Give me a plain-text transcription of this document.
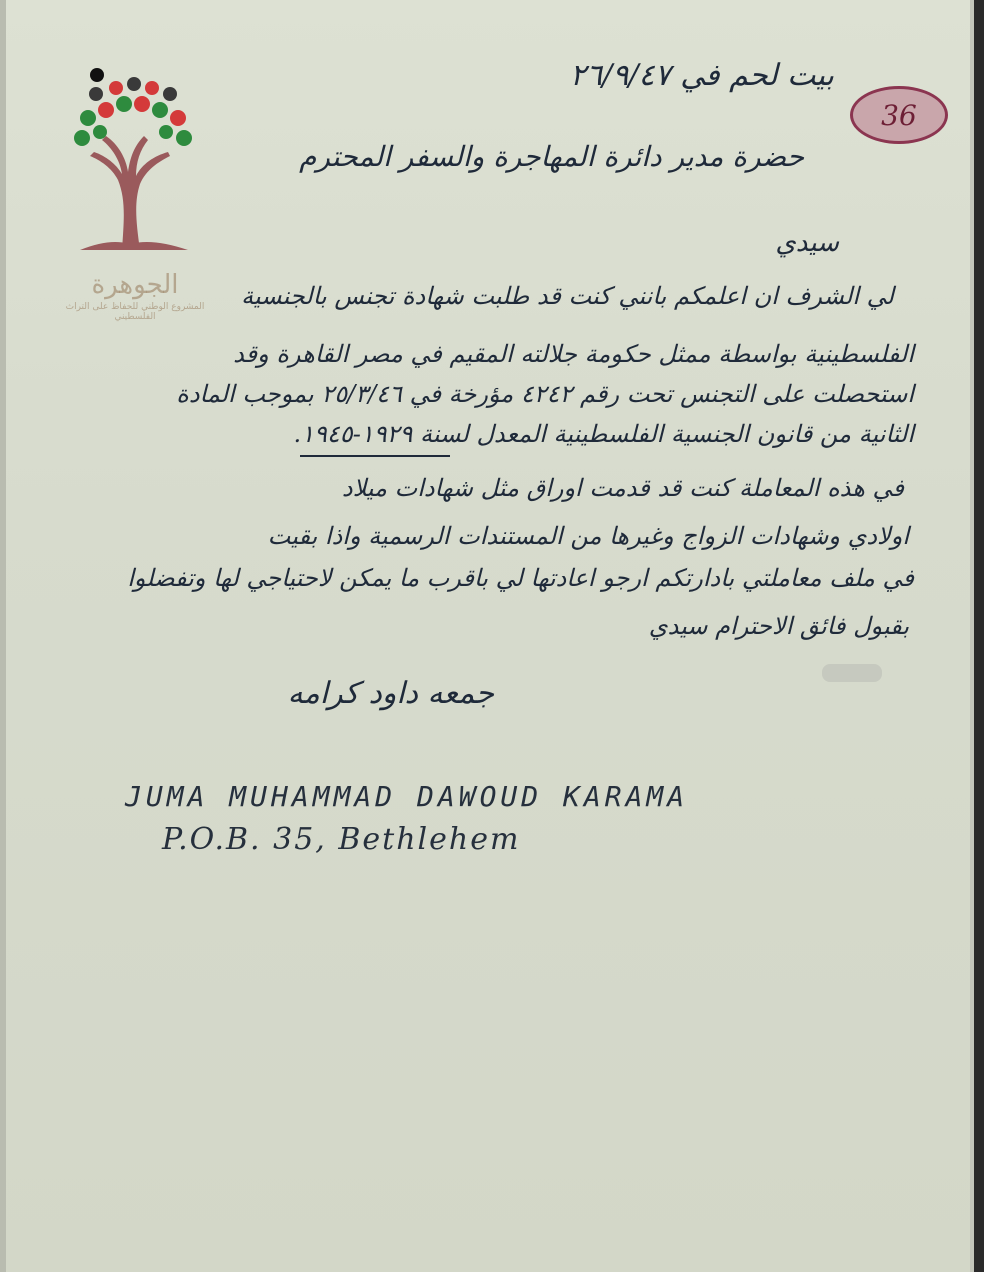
الجوهرة
المشروع الوطني للحفاظ على التراث الفلسطيني
36
بيت لحم في ٢٦/٩/٤٧
حضرة مدير دائرة المهاجرة والسفر المحترم
سيدي
لي الشرف ان اعلمكم بانني كنت قد طلبت شهادة تجنس بالجنسية
الفلسطينية بواسطة ممثل حكومة جلالته المقيم في مصر القاهرة وقد
استحصلت على التجنس تحت رقم ٤٢٤٢ مؤرخة في ٢٥/٣/٤٦ بموجب المادة
الثانية من قانون الجنسية الفلسطينية المعدل لسنة ١٩٢٩-١٩٤٥.
في هذه المعاملة كنت قد قدمت اوراق مثل شهادات ميلاد
اولادي وشهادات الزواج وغيرها من المستندات الرسمية واذا بقيت
في ملف معاملتي بادارتكم ارجو اعادتها لي باقرب ما يمكن لاحتياجي لها وتفضلوا
بقبول فائق الاحترام سيدي
جمعه داود كرامه
JUMA MUHAMMAD DAWOUD KARAMA
P.O.B. 35, Bethlehem
